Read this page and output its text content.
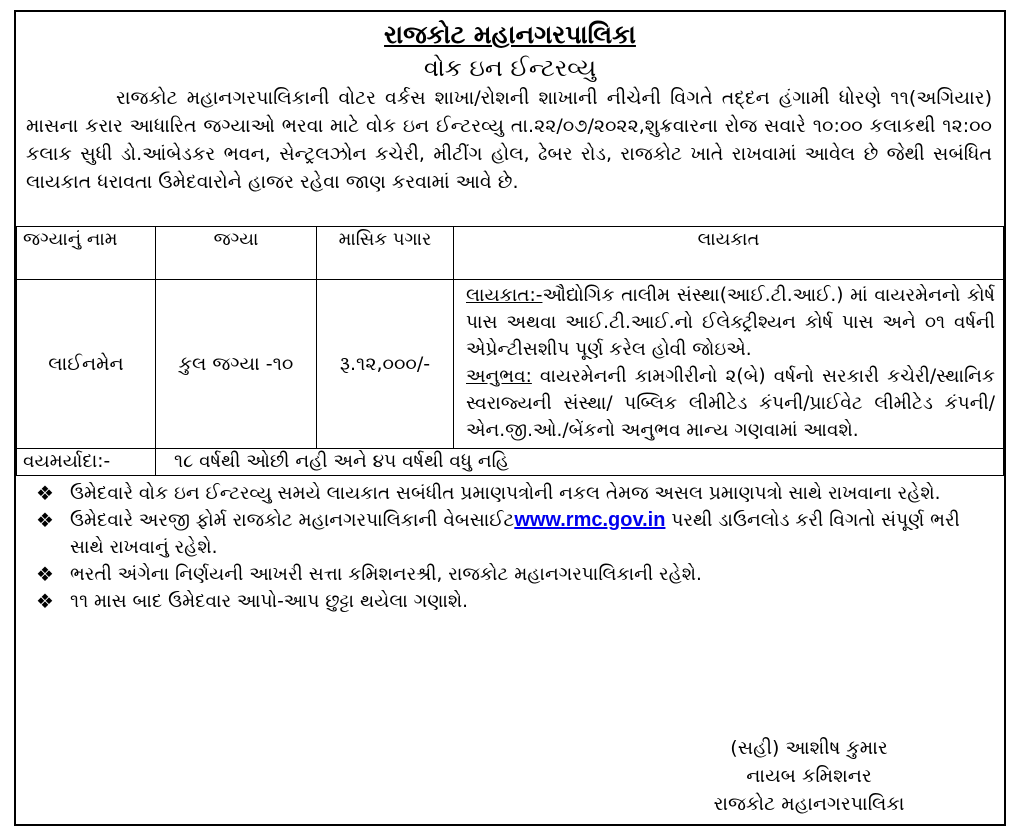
રાજકોટ મહાનગરપાલિકા
વોક ઇન ઈન્ટરવ્યુ
રાજકોટ મહાનગરપાલિકાની વોટર વર્કસ શાખા/રોશની શાખાની નીચેની વિગતે તદ્દન હંગામી ધોરણે ૧૧(અગિયાર) માસના કરાર આધારિત જગ્યાઓ ભરવા માટે વોક ઇન ઈન્ટરવ્યુ તા.૨૨/૦૭/૨૦૨૨,શુક્રવારના રોજ સવારે ૧૦:૦૦ કલાકથી ૧૨:૦૦ કલાક સુધી ડો.આંબેડકર ભવન, સેન્ટ્રલઝોન કચેરી, મીટીંગ હોલ, ઢેબર રોડ, રાજકોટ ખાતે રાખવામાં આવેલ છે જેથી સબંધિત લાયકાત ધરાવતા ઉમેદવારોને હાજર રહેવા જાણ કરવામાં આવે છે.
જગ્યાનું નામ	જગ્યા	માસિક પગાર	લાયકાત
લાઈનમેન	કુલ જગ્યા -૧૦	રૂ.૧૨,૦૦૦/-	લાયકાત:-ઔદ્યોગિક તાલીમ સંસ્થા(આઈ.ટી.આઈ.) માં વાયરમેનનો કોર્ષ પાસ અથવા આઈ.ટી.આઈ.નો ઈલેક્ટ્રીશ્યન કોર્ષ પાસ અને ૦૧ વર્ષની એપ્રેન્ટીસશીપ પૂર્ણ કરેલ હોવી જોઇએ.
અનુભવ: વાયરમેનની કામગીરીનો ૨(બે) વર્ષનો સરકારી કચેરી/સ્થાનિક સ્વરાજ્યની સંસ્થા/ પબ્લિક લીમીટેડ કંપની/પ્રાઈવેટ લીમીટેડ કંપની/ એન.જી.ઓ./બેંકનો અનુભવ માન્ય ગણવામાં આવશે.
વયમર્યાદા:-	૧૮ વર્ષથી ઓછી નહી અને ૪૫ વર્ષથી વધુ નહિ		
❖ ઉમેદવારે વોક ઇન ઈન્ટરવ્યુ સમયે લાયકાત સબંધીત પ્રમાણપત્રોની નકલ તેમજ અસલ પ્રમાણપત્રો સાથે રાખવાના રહેશે.
❖ ઉમેદવારે અરજી ફોર્મ રાજકોટ મહાનગરપાલિકાની વેબસાઈટwww.rmc.gov.in પરથી ડાઉનલોડ કરી વિગતો સંપૂર્ણ ભરી સાથે રાખવાનું રહેશે.
❖ ભરતી અંગેના નિર્ણયની આખરી સત્તા કમિશનરશ્રી, રાજકોટ મહાનગરપાલિકાની રહેશે.
❖ ૧૧ માસ બાદ ઉમેદવાર આપો-આપ છુટ્ટા થયેલા ગણાશે.
(સહી) આશીષ કુમાર
નાયબ કમિશનર
રાજકોટ મહાનગરપાલિકા
